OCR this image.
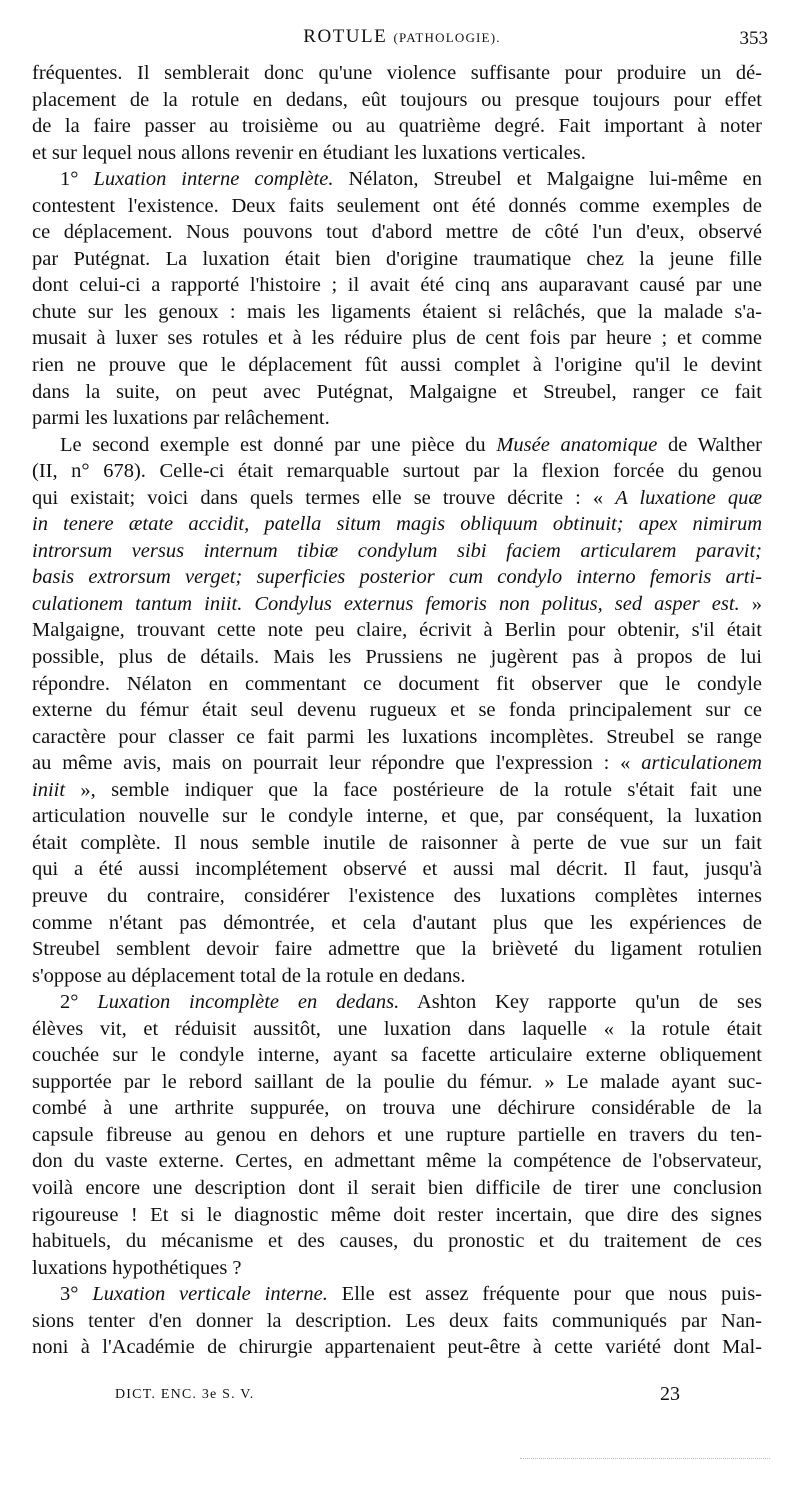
ROTULE (PATHOLOGIE).	353
fréquentes. Il semblerait donc qu'une violence suffisante pour produire un dé-
placement de la rotule en dedans, eût toujours ou presque toujours pour effet
de la faire passer au troisième ou au quatrième degré. Fait important à noter
et sur lequel nous allons revenir en étudiant les luxations verticales.
1° Luxation interne complète. Nélaton, Streubel et Malgaigne lui-même en
contestent l'existence. Deux faits seulement ont été donnés comme exemples de
ce déplacement. Nous pouvons tout d'abord mettre de côté l'un d'eux, observé
par Putégnat. La luxation était bien d'origine traumatique chez la jeune fille
dont celui-ci a rapporté l'histoire ; il avait été cinq ans auparavant causé par une
chute sur les genoux : mais les ligaments étaient si relâchés, que la malade s'a-
musait à luxer ses rotules et à les réduire plus de cent fois par heure ; et comme
rien ne prouve que le déplacement fût aussi complet à l'origine qu'il le devint
dans la suite, on peut avec Putégnat, Malgaigne et Streubel, ranger ce fait
parmi les luxations par relâchement.
Le second exemple est donné par une pièce du Musée anatomique de Walther
(II, n° 678). Celle-ci était remarquable surtout par la flexion forcée du genou
qui existait; voici dans quels termes elle se trouve décrite : « A luxatione quæ
in tenere ætate accidit, patella situm magis obliquum obtinuit; apex nimirum
introrsum versus internum tibiæ condylum sibi faciem articularem paravit;
basis extrorsum verget; superficies posterior cum condylo interno femoris arti-
culationem tantum iniit. Condylus externus femoris non politus, sed asper est. »
Malgaigne, trouvant cette note peu claire, écrivit à Berlin pour obtenir, s'il était
possible, plus de détails. Mais les Prussiens ne jugèrent pas à propos de lui
répondre. Nélaton en commentant ce document fit observer que le condyle
externe du fémur était seul devenu rugueux et se fonda principalement sur ce
caractère pour classer ce fait parmi les luxations incomplètes. Streubel se range
au même avis, mais on pourrait leur répondre que l'expression : « articulationem
iniit », semble indiquer que la face postérieure de la rotule s'était fait une
articulation nouvelle sur le condyle interne, et que, par conséquent, la luxation
était complète. Il nous semble inutile de raisonner à perte de vue sur un fait
qui a été aussi incomplétement observé et aussi mal décrit. Il faut, jusqu'à
preuve du contraire, considérer l'existence des luxations complètes internes
comme n'étant pas démontrée, et cela d'autant plus que les expériences de
Streubel semblent devoir faire admettre que la brièveté du ligament rotulien
s'oppose au déplacement total de la rotule en dedans.
2° Luxation incomplète en dedans. Ashton Key rapporte qu'un de ses
élèves vit, et réduisit aussitôt, une luxation dans laquelle « la rotule était
couchée sur le condyle interne, ayant sa facette articulaire externe obliquement
supportée par le rebord saillant de la poulie du fémur. » Le malade ayant suc-
combé à une arthrite suppurée, on trouva une déchirure considérable de la
capsule fibreuse au genou en dehors et une rupture partielle en travers du ten-
don du vaste externe. Certes, en admettant même la compétence de l'observateur,
voilà encore une description dont il serait bien difficile de tirer une conclusion
rigoureuse ! Et si le diagnostic même doit rester incertain, que dire des signes
habituels, du mécanisme et des causes, du pronostic et du traitement de ces
luxations hypothétiques ?
3° Luxation verticale interne. Elle est assez fréquente pour que nous puis-
sions tenter d'en donner la description. Les deux faits communiqués par Nan-
noni à l'Académie de chirurgie appartenaient peut-être à cette variété dont Mal-
DICT. ENC. 3e S. V.	23
